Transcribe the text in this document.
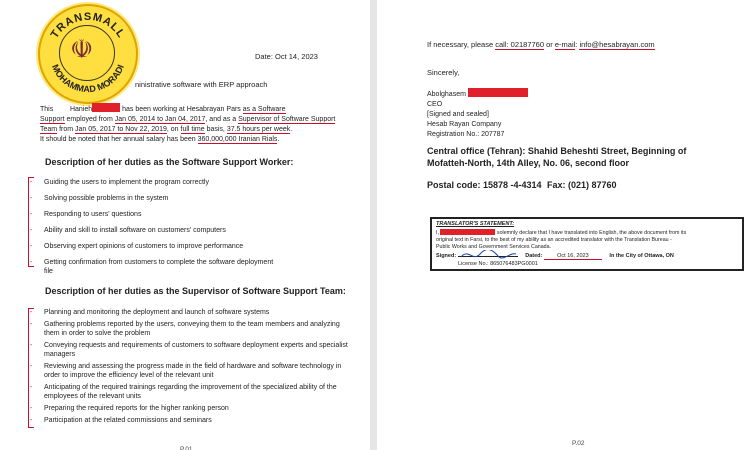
Date: Oct 14, 2023
ninistrative software with ERP approach
TRANSMALL
MOHAMMAD MORADI
☫
This is to Hanieh	has been working at Hesabrayan Pars as a Software
Support employed from Jan 05, 2014 to Jan 04, 2017, and as a Supervisor of Software Support
Team from Jan 05, 2017 to Nov 22, 2019, on full time basis, 37.5 hours per week.
It should be noted that her annual salary has been 360,000,000 Iranian Rials.
Description of her duties as the Software Support Worker:
- Guiding the users to implement the program correctly
- Solving possible problems in the system
- Responding to users' questions
- Ability and skill to install software on customers' computers
- Observing expert opinions of customers to improve performance
- Getting confirmation from customers to complete the software deployment file
Description of her duties as the Supervisor of Software Support Team:
- Planning and monitoring the deployment and launch of software systems
- Gathering problems reported by the users, conveying them to the team members and analyzing them in order to solve the problem
- Conveying requests and requirements of customers to software deployment experts and specialist managers
- Reviewing and assessing the progress made in the field of hardware and software technology in order to improve the efficiency level of the relevant unit
- Anticipating of the required trainings regarding the improvement of the specialized ability of the employees of the relevant units
- Preparing the required reports for the higher ranking person
- Participation at the related commissions and seminars
P.01
If necessary, please call: 02187760 or e-mail: info@hesabrayan.com
Sincerely,
Abolghasem
CEO
[Signed and sealed]
Hesab Rayan Company
Registration No.: 207787
Central office (Tehran): Shahid Beheshti Street, Beginning of Mofatteh-North, 14th Alley, No. 06, second floor
Postal code: 15878 -4-4314 Fax: (021) 87760
P.02
TRANSLATOR'S STATEMENT:
I,	solemnly declare that I have translated into English, the above document from its
original text in Farsi, to the best of my ability as an accredited translator with the Translation Bureau -
Public Works and Government Services Canada.
Signed:	Dated:	Oct 16, 2023	In the City of Ottawa, ON
License No.: 865076483PG0001
